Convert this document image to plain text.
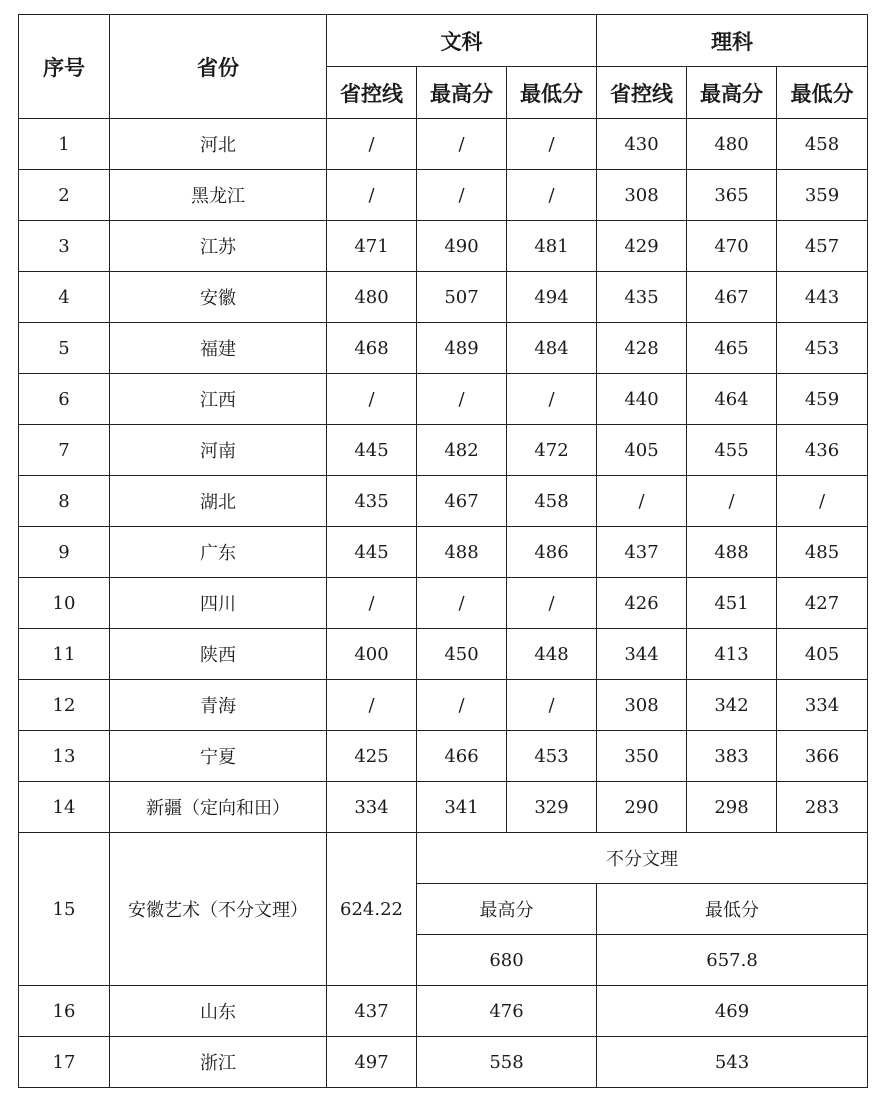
序号	省份	文科			理科		
		省控线	最高分	最低分	省控线	最高分	最低分
1	河北	/	/	/	430	480	458
2	黑龙江	/	/	/	308	365	359
3	江苏	471	490	481	429	470	457
4	安徽	480	507	494	435	467	443
5	福建	468	489	484	428	465	453
6	江西	/	/	/	440	464	459
7	河南	445	482	472	405	455	436
8	湖北	435	467	458	/	/	/
9	广东	445	488	486	437	488	485
10	四川	/	/	/	426	451	427
11	陕西	400	450	448	344	413	405
12	青海	/	/	/	308	342	334
13	宁夏	425	466	453	350	383	366
14	新疆（定向和田）	334	341	329	290	298	283
15	安徽艺术（不分文理）	624.22	不分文理				
			最高分		最低分		
			680		657.8		
16	山东	437	476		469		
17	浙江	497	558		543		
